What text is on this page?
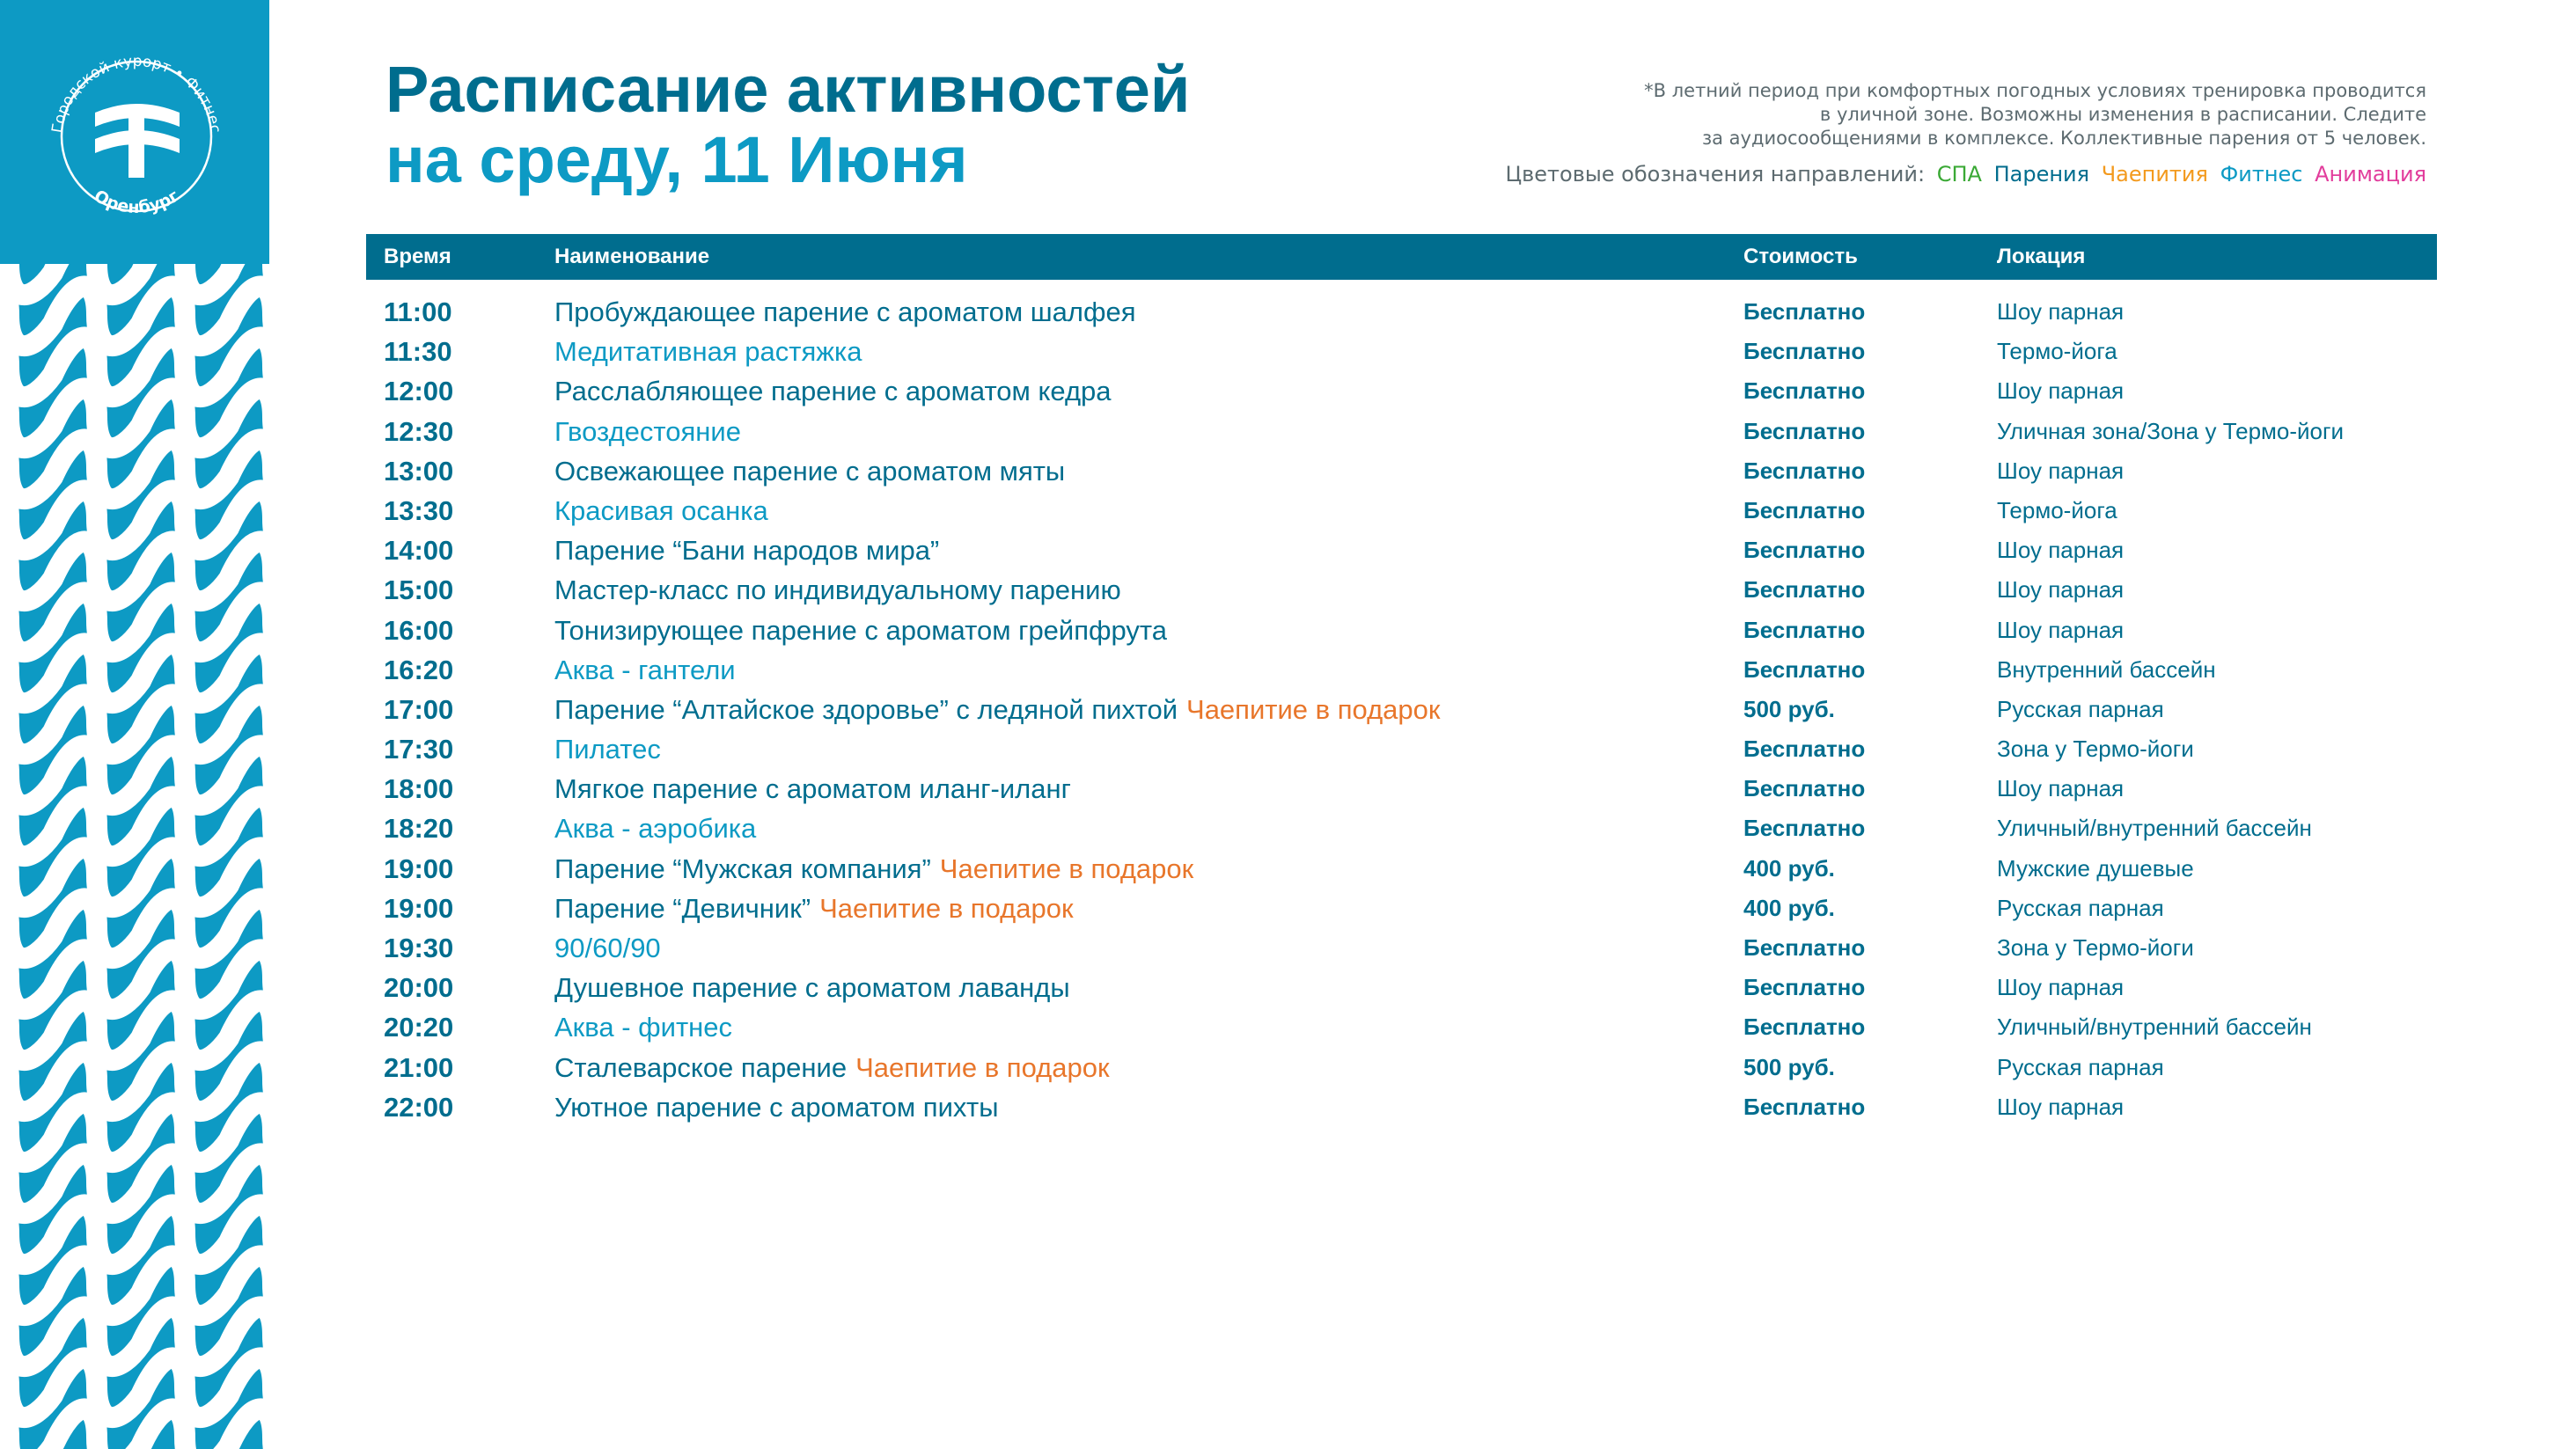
Городской курорт • Фитнес
Оренбург
Расписание активностей
на среду, 11 Июня
*В летний период при комфортных погодных условиях тренировка проводится
в уличной зоне. Возможны изменения в расписании. Следите
за аудиосообщениями в комплексе. Коллективные парения от 5 человек.
Цветовые обозначения направлений: СПА Парения Чаепития Фитнес Анимация
Время	Наименование	Стоимость	Локация
11:00	Пробуждающее парение с ароматом шалфея	Бесплатно	Шоу парная
11:30	Медитативная растяжка	Бесплатно	Термо-йога
12:00	Расслабляющее парение с ароматом кедра	Бесплатно	Шоу парная
12:30	Гвоздестояние	Бесплатно	Уличная зона/Зона у Термо-йоги
13:00	Освежающее парение с ароматом мяты	Бесплатно	Шоу парная
13:30	Красивая осанка	Бесплатно	Термо-йога
14:00	Парение “Бани народов мира”	Бесплатно	Шоу парная
15:00	Мастер-класс по индивидуальному парению	Бесплатно	Шоу парная
16:00	Тонизирующее парение с ароматом грейпфрута	Бесплатно	Шоу парная
16:20	Аква - гантели	Бесплатно	Внутренний бассейн
17:00	Парение “Алтайское здоровье” с ледяной пихтой Чаепитие в подарок	500 руб.	Русская парная
17:30	Пилатес	Бесплатно	Зона у Термо-йоги
18:00	Мягкое парение с ароматом иланг-иланг	Бесплатно	Шоу парная
18:20	Аква - аэробика	Бесплатно	Уличный/внутренний бассейн
19:00	Парение “Мужская компания” Чаепитие в подарок	400 руб.	Мужские душевые
19:00	Парение “Девичник” Чаепитие в подарок	400 руб.	Русская парная
19:30	90/60/90	Бесплатно	Зона у Термо-йоги
20:00	Душевное парение с ароматом лаванды	Бесплатно	Шоу парная
20:20	Аква - фитнес	Бесплатно	Уличный/внутренний бассейн
21:00	Сталеварское парение Чаепитие в подарок	500 руб.	Русская парная
22:00	Уютное парение с ароматом пихты	Бесплатно	Шоу парная
